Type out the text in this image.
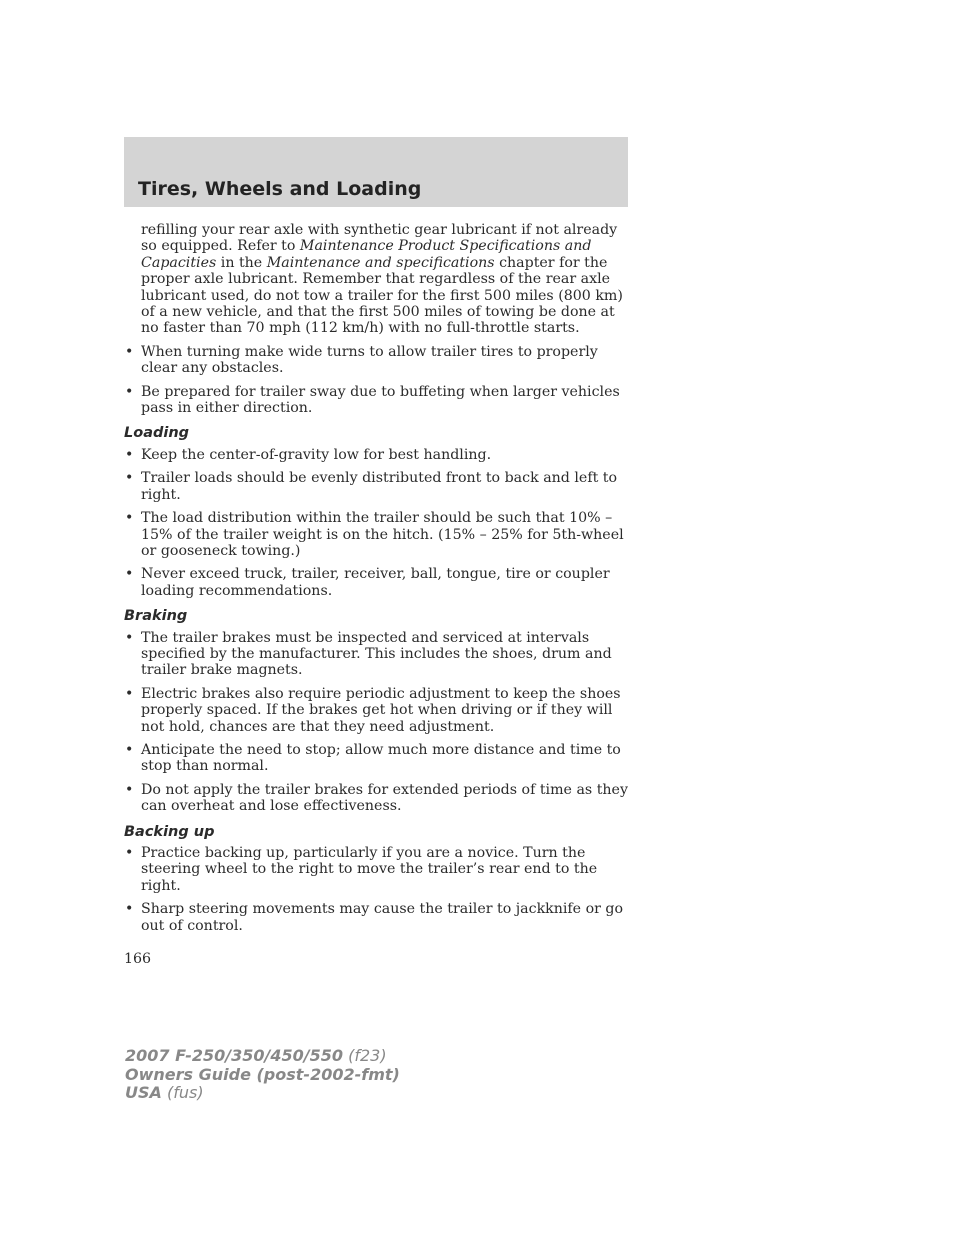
Tires, Wheels and Loading

refilling your rear axle with synthetic gear lubricant if not already so equipped. Refer to Maintenance Product Specifications and Capacities in the Maintenance and specifications chapter for the proper axle lubricant. Remember that regardless of the rear axle lubricant used, do not tow a trailer for the first 500 miles (800 km) of a new vehicle, and that the first 500 miles of towing be done at no faster than 70 mph (112 km/h) with no full-throttle starts.

• When turning make wide turns to allow trailer tires to properly clear any obstacles.
• Be prepared for trailer sway due to buffeting when larger vehicles pass in either direction.
Loading
• Keep the center-of-gravity low for best handling.
• Trailer loads should be evenly distributed front to back and left to right.
• The load distribution within the trailer should be such that 10% – 15% of the trailer weight is on the hitch. (15% – 25% for 5th-wheel or gooseneck towing.)
• Never exceed truck, trailer, receiver, ball, tongue, tire or coupler loading recommendations.
Braking
• The trailer brakes must be inspected and serviced at intervals specified by the manufacturer. This includes the shoes, drum and trailer brake magnets.
• Electric brakes also require periodic adjustment to keep the shoes properly spaced. If the brakes get hot when driving or if they will not hold, chances are that they need adjustment.
• Anticipate the need to stop; allow much more distance and time to stop than normal.
• Do not apply the trailer brakes for extended periods of time as they can overheat and lose effectiveness.
Backing up
• Practice backing up, particularly if you are a novice. Turn the steering wheel to the right to move the trailer’s rear end to the right.
• Sharp steering movements may cause the trailer to jackknife or go out of control.

166

2007 F-250/350/450/550 (f23)
Owners Guide (post-2002-fmt)
USA (fus)
